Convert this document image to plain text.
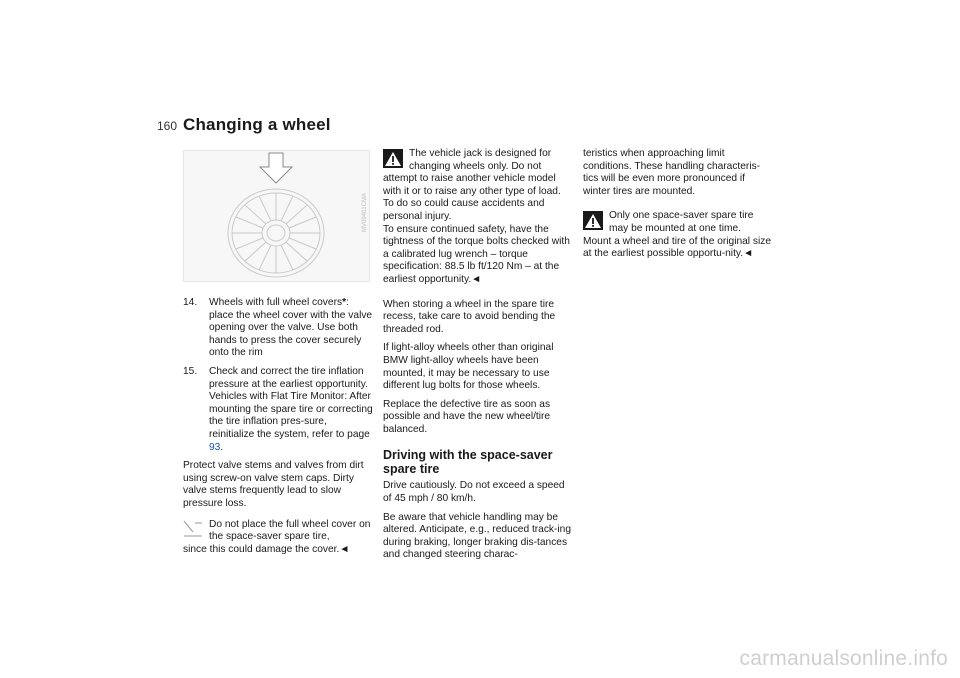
160 Changing a wheel
MV09401CMA

14. Wheels with full wheel covers*:
place the wheel cover with the valve opening over the valve. Use both hands to press the cover securely onto the rim

15. Check and correct the tire inflation pressure at the earliest opportunity. Vehicles with Flat Tire Monitor: After mounting the spare tire or correcting the tire inflation pres-sure, reinitialize the system, refer to page 93.

Protect valve stems and valves from dirt using screw-on valve stem caps. Dirty valve stems frequently lead to slow pressure loss.

Do not place the full wheel cover on the space-saver spare tire,
since this could damage the cover.◄
The vehicle jack is designed for changing wheels only. Do not
attempt to raise another vehicle model with it or to raise any other type of load. To do so could cause accidents and personal injury.
To ensure continued safety, have the tightness of the torque bolts checked with a calibrated lug wrench – torque specification: 88.5 lb ft/120 Nm – at the earliest opportunity.◄

When storing a wheel in the spare tire recess, take care to avoid bending the threaded rod.

If light-alloy wheels other than original BMW light-alloy wheels have been mounted, it may be necessary to use different lug bolts for those wheels.

Replace the defective tire as soon as possible and have the new wheel/tire balanced.

Driving with the space-saver spare tire

Drive cautiously. Do not exceed a speed of 45 mph / 80 km/h.

Be aware that vehicle handling may be altered. Anticipate, e.g., reduced track-ing during braking, longer braking dis-tances and changed steering charac-

teristics when approaching limit conditions. These handling characteris-tics will be even more pronounced if winter tires are mounted.

Only one space-saver spare tire may be mounted at one time.
Mount a wheel and tire of the original size at the earliest possible opportu-nity.◄
carmanualsonline.info
